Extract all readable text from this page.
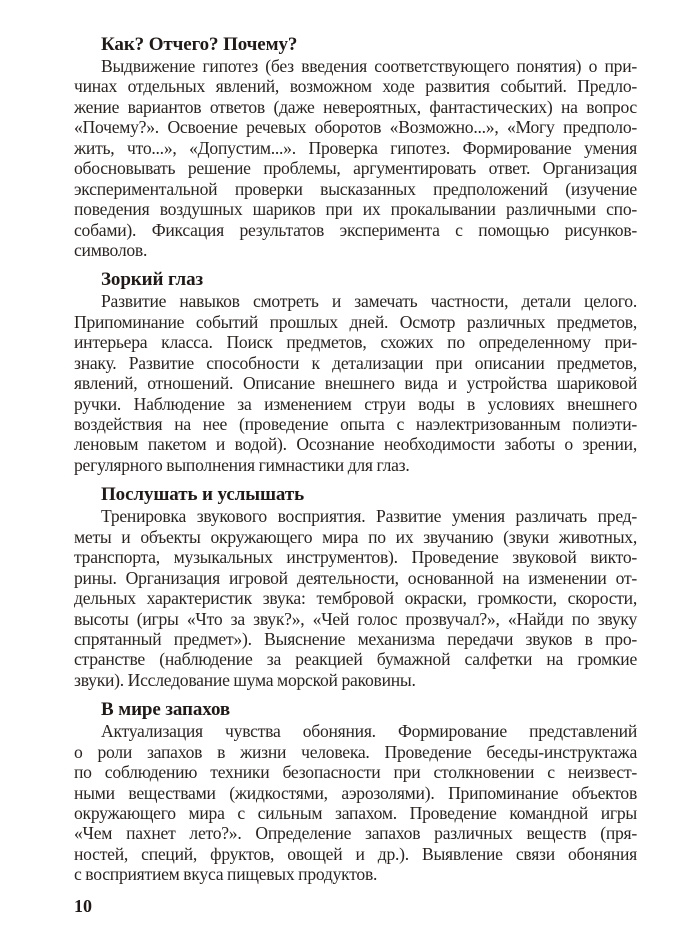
Как? Отчего? Почему?
Выдвижение гипотез (без введения соответствующего понятия) о при-
чинах отдельных явлений, возможном ходе развития событий. Предло-
жение вариантов ответов (даже невероятных, фантастических) на вопрос
«Почему?». Освоение речевых оборотов «Возможно...», «Могу предполо-
жить, что...», «Допустим...». Проверка гипотез. Формирование умения
обосновывать решение проблемы, аргументировать ответ. Организация
экспериментальной проверки высказанных предположений (изучение
поведения воздушных шариков при их прокалывании различными спо-
собами). Фиксация результатов эксперимента с помощью рисунков-
символов.
Зоркий глаз
Развитие навыков смотреть и замечать частности, детали целого.
Припоминание событий прошлых дней. Осмотр различных предметов,
интерьера класса. Поиск предметов, схожих по определенному при-
знаку. Развитие способности к детализации при описании предметов,
явлений, отношений. Описание внешнего вида и устройства шариковой
ручки. Наблюдение за изменением струи воды в условиях внешнего
воздействия на нее (проведение опыта с наэлектризованным полиэти-
леновым пакетом и водой). Осознание необходимости заботы о зрении,
регулярного выполнения гимнастики для глаз.
Послушать и услышать
Тренировка звукового восприятия. Развитие умения различать пред-
меты и объекты окружающего мира по их звучанию (звуки животных,
транспорта, музыкальных инструментов). Проведение звуковой викто-
рины. Организация игровой деятельности, основанной на изменении от-
дельных характеристик звука: тембровой окраски, громкости, скорости,
высоты (игры «Что за звук?», «Чей голос прозвучал?», «Найди по звуку
спрятанный предмет»). Выяснение механизма передачи звуков в про-
странстве (наблюдение за реакцией бумажной салфетки на громкие
звуки). Исследование шума морской раковины.
В мире запахов
Актуализация чувства обоняния. Формирование представлений
о роли запахов в жизни человека. Проведение беседы-инструктажа
по соблюдению техники безопасности при столкновении с неизвест-
ными веществами (жидкостями, аэрозолями). Припоминание объектов
окружающего мира с сильным запахом. Проведение командной игры
«Чем пахнет лето?». Определение запахов различных веществ (пря-
ностей, специй, фруктов, овощей и др.). Выявление связи обоняния
с восприятием вкуса пищевых продуктов.
10
